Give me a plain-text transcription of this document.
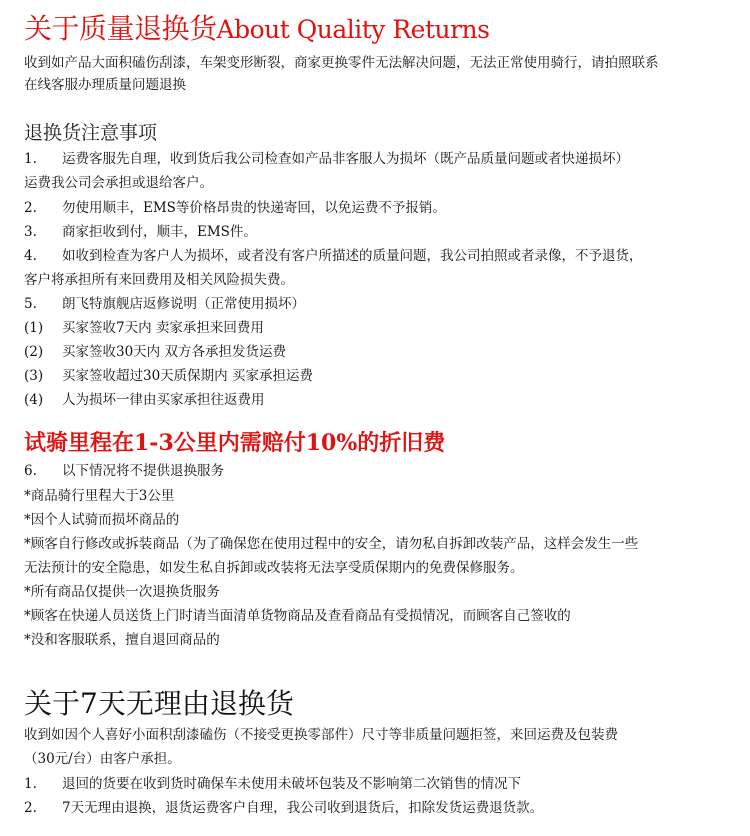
关于质量退换货About Quality Returns
收到如产品大面积磕伤刮漆，车架变形断裂，商家更换零件无法解决问题，无法正常使用骑行，请拍照联系
在线客服办理质量问题退换
退换货注意事项
1. 运费客服先自理，收到货后我公司检查如产品非客服人为损坏（既产品质量问题或者快递损坏）
运费我公司会承担或退给客户。
2. 勿使用顺丰，EMS等价格昂贵的快递寄回，以免运费不予报销。
3. 商家拒收到付，顺丰，EMS件。
4. 如收到检查为客户人为损坏，或者没有客户所描述的质量问题，我公司拍照或者录像，不予退货，
客户将承担所有来回费用及相关风险损失费。
5. 朗飞特旗舰店返修说明（正常使用损坏）
(1) 买家签收7天内 卖家承担来回费用
(2) 买家签收30天内 双方各承担发货运费
(3) 买家签收超过30天质保期内 买家承担运费
(4) 人为损坏一律由买家承担往返费用
试骑里程在1-3公里内需赔付10%的折旧费
6. 以下情况将不提供退换服务
*商品骑行里程大于3公里
*因个人试骑而损坏商品的
*顾客自行修改或拆装商品（为了确保您在使用过程中的安全，请勿私自拆卸改装产品，这样会发生一些
无法预计的安全隐患，如发生私自拆卸或改装将无法享受质保期内的免费保修服务。
*所有商品仅提供一次退换货服务
*顾客在快递人员送货上门时请当面清单货物商品及查看商品有受损情况，而顾客自己签收的
*没和客服联系，擅自退回商品的
关于7天无理由退换货
收到如因个人喜好小面积刮漆磕伤（不接受更换零部件）尺寸等非质量问题拒签，来回运费及包装费
（30元/台）由客户承担。
1. 退回的货要在收到货时确保车未使用未破坏包装及不影响第二次销售的情况下
2. 7天无理由退换，退货运费客户自理，我公司收到退货后，扣除发货运费退货款。
